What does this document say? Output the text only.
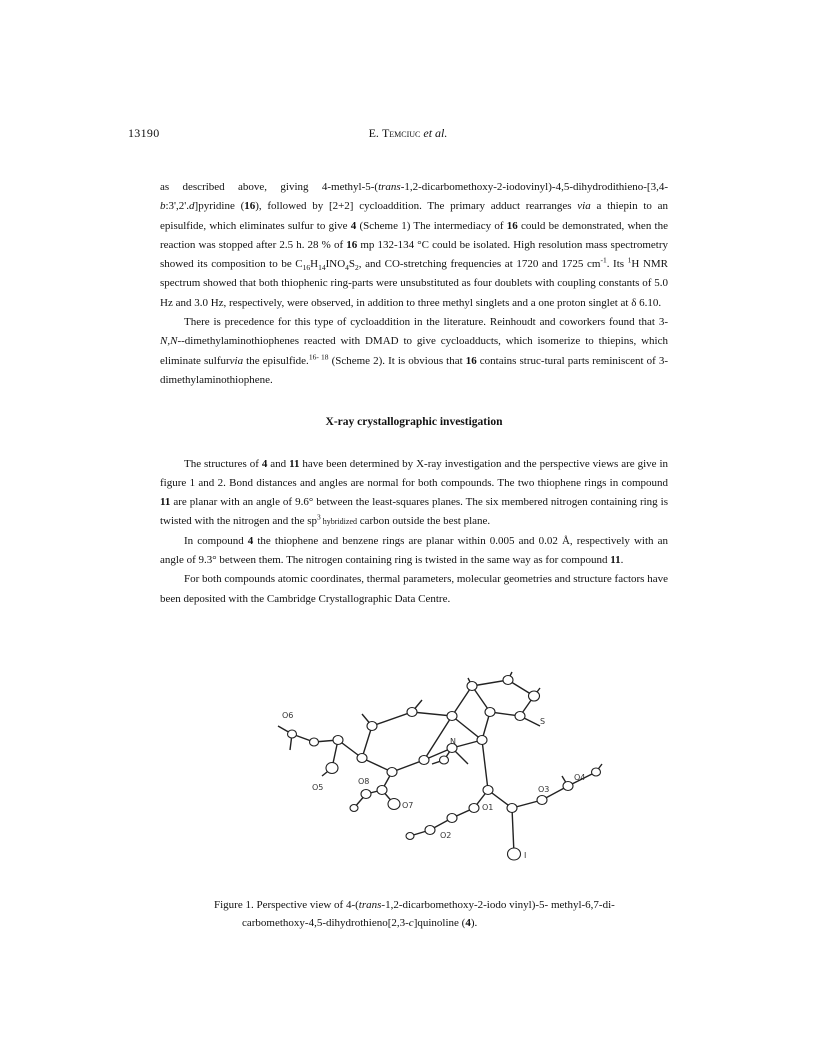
13190	E. Temciuc et al.

as described above, giving 4-methyl-5-(trans-1,2-dicarbomethoxy-2-iodovinyl)-4,5-dihydrodithieno-[3,4-b:3',2'.d]pyridine (16), followed by [2+2] cycloaddition. The primary adduct rearranges via a thiepin to an episulfide, which eliminates sulfur to give 4 (Scheme 1) The intermediacy of 16 could be demonstrated, when the reaction was stopped after 2.5 h. 28 % of 16 mp 132-134 °C could be isolated. High resolution mass spectrometry showed its composition to be $C_{16}H_{14}INO_4S_2$, and CO-stretching frequencies at 1720 and 1725 $cm^{-1}$. Its $^1$H NMR spectrum showed that both thiophenic ring-parts were unsubstituted as four doublets with coupling constants of 5.0 Hz and 3.0 Hz, respectively, were observed, in addition to three methyl singlets and a one proton singlet at δ 6.10.

There is precedence for this type of cycloaddition in the literature. Reinhoudt and coworkers found that 3-N,N--dimethylaminothiophenes reacted with DMAD to give cycloadducts, which isomerize to thiepins, which eliminate sulfurvia the episulfide.$^{16- 18}$ (Scheme 2). It is obvious that 16 contains struc-tural parts reminiscent of 3-dimethylaminothiophene.

X-ray crystallographic investigation

The structures of 4 and 11 have been determined by X-ray investigation and the perspective views are give in figure 1 and 2. Bond distances and angles are normal for both compounds. The two thiophene rings in compound 11 are planar with an angle of 9.6° between the least-squares planes. The six membered nitrogen containing ring is twisted with the nitrogen and the $sp^3$ hybridized carbon outside the best plane.

In compound 4 the thiophene and benzene rings are planar within 0.005 and 0.02 Å, respectively with an angle of 9.3° between them. The nitrogen containing ring is twisted in the same way as for compound 11.

For both compounds atomic coordinates, thermal parameters, molecular geometries and structure factors have been deposited with the Cambridge Crystallographic Data Centre.

O6
O5
O8
O7
N
S
O3
O4
O1
O2
I
Figure 1. Perspective view of 4-(trans-1,2-dicarbomethoxy-2-iodo vinyl)-5- methyl-6,7-di-
carbomethoxy-4,5-dihydrothieno[2,3-c]quinoline (4).
